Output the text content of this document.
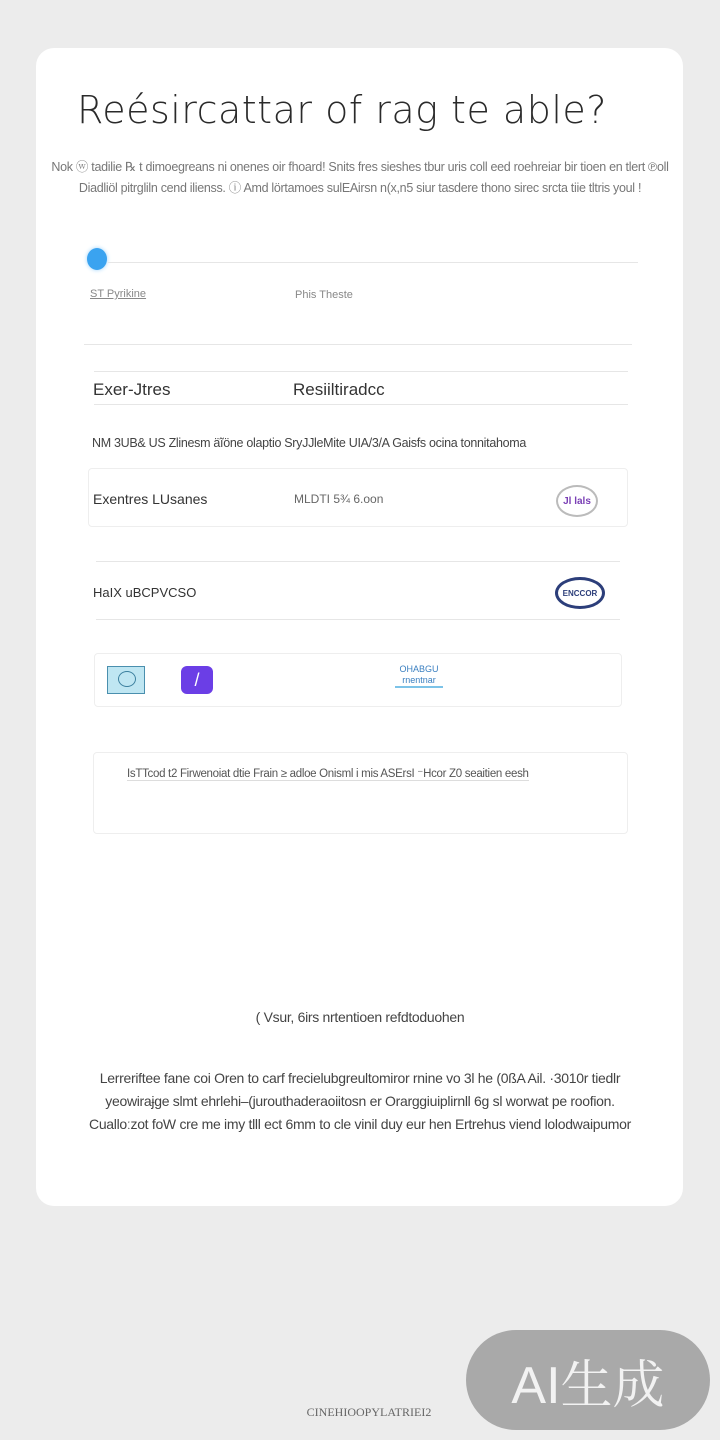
Reésircattar of rag te able?
Nok ⓦ tadilie ℞ t dimoegreans ni onenes oir fhoard! Snits fres sieshes tbur uris coll eed roehreiar bir tioen en tlert ℗oll
Diadliöl pitrgliln cend ilienss. ⓘ Amd lörtamoes sulEAirsn n(x,n5 siur tasdere thono sirec srcta tiie tltris youl !
ST Pyrikine	Phis Theste
Exer-Jtres	Resiiltiradcc
NM 3UB& US Zlinesm äĩöne olaptio SryJJleMite UIA/3/A Gaisfs ocina tonnitahoma
Exentres LUsanes	MLDTI 5¾ 6.oon	Jl lals
HaIX uBCPVCSO	ENCCOR
/
OHABGU
rnentnar
IsTTcod t2 Firwenoiat dtie Frain ≥ adloe Onisml i mis ASErsI ⁻Hcor Z0 seaitien eesh
( Vsur, 6irs nrtentioen refdtoduohen
Lerreriftee fane coi Oren to carf frecielubgreultomiror rnine vo 3l he (0ßA Ail. ·3010r tiedlr
yeowiraɉge slmt ehrlehi–(jurouthaderaoiitosn er Orarggiuiplirnll 6g sl worwat pe roofion.
Cualloːzot foW cre me imy tlll ect 6mm to cle vinil duy eur hen Ertrehus viend lolodwaipumor
CINEHIOOPYLATRIEI2	AI生成
